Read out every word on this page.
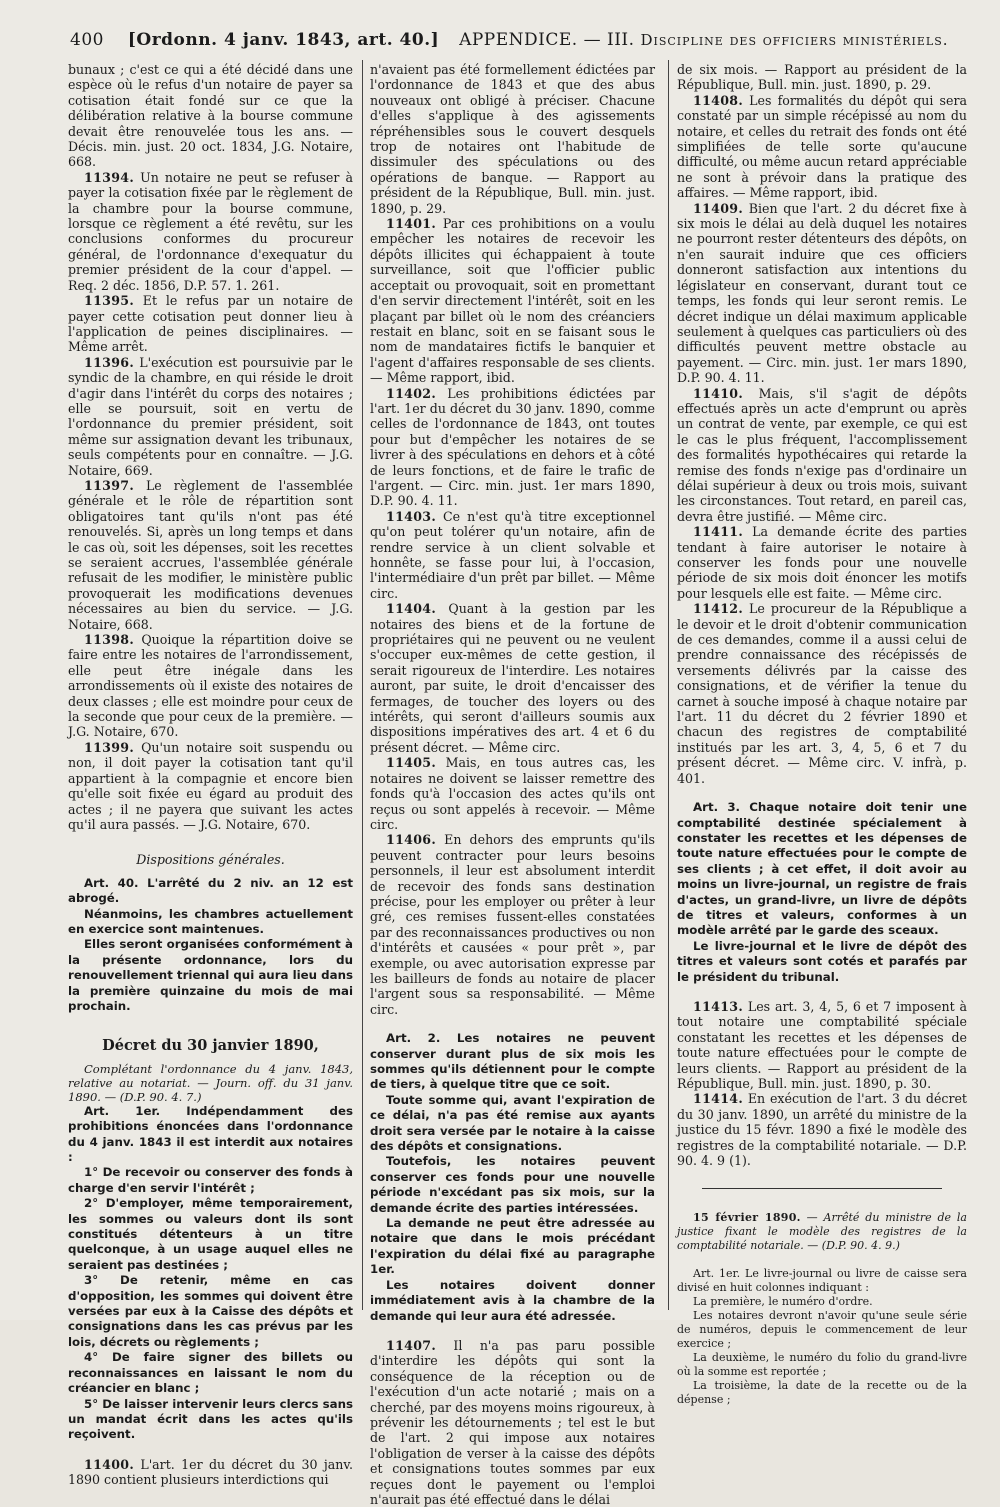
400 [Ordonn. 4 janv. 1843, art. 40.] APPENDICE. — III. Discipline des officiers ministériels.

bunaux ; c'est ce qui a été décidé dans une espèce où le refus d'un notaire de payer sa cotisation était fondé sur ce que la délibération relative à la bourse commune devait être renouvelée tous les ans. — Décis. min. just. 20 oct. 1834, J.G. Notaire, 668.

11394. Un notaire ne peut se refuser à payer la cotisation fixée par le règlement de la chambre pour la bourse commune, lorsque ce règlement a été revêtu, sur les conclusions conformes du procureur général, de l'ordonnance d'exequatur du premier président de la cour d'appel. — Req. 2 déc. 1856, D.P. 57. 1. 261.

11395. Et le refus par un notaire de payer cette cotisation peut donner lieu à l'application de peines disciplinaires. — Même arrêt.

11396. L'exécution est poursuivie par le syndic de la chambre, en qui réside le droit d'agir dans l'intérêt du corps des notaires ; elle se poursuit, soit en vertu de l'ordonnance du premier président, soit même sur assignation devant les tribunaux, seuls compétents pour en connaître. — J.G. Notaire, 669.

11397. Le règlement de l'assemblée générale et le rôle de répartition sont obligatoires tant qu'ils n'ont pas été renouvelés. Si, après un long temps et dans le cas où, soit les dépenses, soit les recettes se seraient accrues, l'assemblée générale refusait de les modifier, le ministère public provoquerait les modifications devenues nécessaires au bien du service. — J.G. Notaire, 668.

11398. Quoique la répartition doive se faire entre les notaires de l'arrondissement, elle peut être inégale dans les arrondissements où il existe des notaires de deux classes ; elle est moindre pour ceux de la seconde que pour ceux de la première. — J.G. Notaire, 670.

11399. Qu'un notaire soit suspendu ou non, il doit payer la cotisation tant qu'il appartient à la compagnie et encore bien qu'elle soit fixée eu égard au produit des actes ; il ne payera que suivant les actes qu'il aura passés. — J.G. Notaire, 670.

Dispositions générales.

Art. 40. L'arrêté du 2 niv. an 12 est abrogé.

Néanmoins, les chambres actuellement en exercice sont maintenues.

Elles seront organisées conformément à la présente ordonnance, lors du renouvellement triennal qui aura lieu dans la première quinzaine du mois de mai prochain.

Décret du 30 janvier 1890,

Complétant l'ordonnance du 4 janv. 1843, relative au notariat. — Journ. off. du 31 janv. 1890. — (D.P. 90. 4. 7.)

Art. 1er. Indépendamment des prohibitions énoncées dans l'ordonnance du 4 janv. 1843 il est interdit aux notaires :

1° De recevoir ou conserver des fonds à charge d'en servir l'intérêt ;

2° D'employer, même temporairement, les sommes ou valeurs dont ils sont constitués détenteurs à un titre quelconque, à un usage auquel elles ne seraient pas destinées ;

3° De retenir, même en cas d'opposition, les sommes qui doivent être versées par eux à la Caisse des dépôts et consignations dans les cas prévus par les lois, décrets ou règlements ;

4° De faire signer des billets ou reconnaissances en laissant le nom du créancier en blanc ;

5° De laisser intervenir leurs clercs sans un mandat écrit dans les actes qu'ils reçoivent.

11400. L'art. 1er du décret du 30 janv. 1890 contient plusieurs interdictions qui

n'avaient pas été formellement édictées par l'ordonnance de 1843 et que des abus nouveaux ont obligé à préciser. Chacune d'elles s'applique à des agissements répréhensibles sous le couvert desquels trop de notaires ont l'habitude de dissimuler des spéculations ou des opérations de banque. — Rapport au président de la République, Bull. min. just. 1890, p. 29.

11401. Par ces prohibitions on a voulu empêcher les notaires de recevoir les dépôts illicites qui échappaient à toute surveillance, soit que l'officier public acceptait ou provoquait, soit en promettant d'en servir directement l'intérêt, soit en les plaçant par billet où le nom des créanciers restait en blanc, soit en se faisant sous le nom de mandataires fictifs le banquier et l'agent d'affaires responsable de ses clients. — Même rapport, ibid.

11402. Les prohibitions édictées par l'art. 1er du décret du 30 janv. 1890, comme celles de l'ordonnance de 1843, ont toutes pour but d'empêcher les notaires de se livrer à des spéculations en dehors et à côté de leurs fonctions, et de faire le trafic de l'argent. — Circ. min. just. 1er mars 1890, D.P. 90. 4. 11.

11403. Ce n'est qu'à titre exceptionnel qu'on peut tolérer qu'un notaire, afin de rendre service à un client solvable et honnête, se fasse pour lui, à l'occasion, l'intermédiaire d'un prêt par billet. — Même circ.

11404. Quant à la gestion par les notaires des biens et de la fortune de propriétaires qui ne peuvent ou ne veulent s'occuper eux-mêmes de cette gestion, il serait rigoureux de l'interdire. Les notaires auront, par suite, le droit d'encaisser des fermages, de toucher des loyers ou des intérêts, qui seront d'ailleurs soumis aux dispositions impératives des art. 4 et 6 du présent décret. — Même circ.

11405. Mais, en tous autres cas, les notaires ne doivent se laisser remettre des fonds qu'à l'occasion des actes qu'ils ont reçus ou sont appelés à recevoir. — Même circ.

11406. En dehors des emprunts qu'ils peuvent contracter pour leurs besoins personnels, il leur est absolument interdit de recevoir des fonds sans destination précise, pour les employer ou prêter à leur gré, ces remises fussent-elles constatées par des reconnaissances productives ou non d'intérêts et causées « pour prêt », par exemple, ou avec autorisation expresse par les bailleurs de fonds au notaire de placer l'argent sous sa responsabilité. — Même circ.

Art. 2. Les notaires ne peuvent conserver durant plus de six mois les sommes qu'ils détiennent pour le compte de tiers, à quelque titre que ce soit.

Toute somme qui, avant l'expiration de ce délai, n'a pas été remise aux ayants droit sera versée par le notaire à la caisse des dépôts et consignations.

Toutefois, les notaires peuvent conserver ces fonds pour une nouvelle période n'excédant pas six mois, sur la demande écrite des parties intéressées.

La demande ne peut être adressée au notaire que dans le mois précédant l'expiration du délai fixé au paragraphe 1er.

Les notaires doivent donner immédiatement avis à la chambre de la demande qui leur aura été adressée.

11407. Il n'a pas paru possible d'interdire les dépôts qui sont la conséquence de la réception ou de l'exécution d'un acte notarié ; mais on a cherché, par des moyens moins rigoureux, à prévenir les détournements ; tel est le but de l'art. 2 qui impose aux notaires l'obligation de verser à la caisse des dépôts et consignations toutes sommes par eux reçues dont le payement ou l'emploi n'aurait pas été effectué dans le délai

de six mois. — Rapport au président de la République, Bull. min. just. 1890, p. 29.

11408. Les formalités du dépôt qui sera constaté par un simple récépissé au nom du notaire, et celles du retrait des fonds ont été simplifiées de telle sorte qu'aucune difficulté, ou même aucun retard appréciable ne sont à prévoir dans la pratique des affaires. — Même rapport, ibid.

11409. Bien que l'art. 2 du décret fixe à six mois le délai au delà duquel les notaires ne pourront rester détenteurs des dépôts, on n'en saurait induire que ces officiers donneront satisfaction aux intentions du législateur en conservant, durant tout ce temps, les fonds qui leur seront remis. Le décret indique un délai maximum applicable seulement à quelques cas particuliers où des difficultés peuvent mettre obstacle au payement. — Circ. min. just. 1er mars 1890, D.P. 90. 4. 11.

11410. Mais, s'il s'agit de dépôts effectués après un acte d'emprunt ou après un contrat de vente, par exemple, ce qui est le cas le plus fréquent, l'accomplissement des formalités hypothécaires qui retarde la remise des fonds n'exige pas d'ordinaire un délai supérieur à deux ou trois mois, suivant les circonstances. Tout retard, en pareil cas, devra être justifié. — Même circ.

11411. La demande écrite des parties tendant à faire autoriser le notaire à conserver les fonds pour une nouvelle période de six mois doit énoncer les motifs pour lesquels elle est faite. — Même circ.

11412. Le procureur de la République a le devoir et le droit d'obtenir communication de ces demandes, comme il a aussi celui de prendre connaissance des récépissés de versements délivrés par la caisse des consignations, et de vérifier la tenue du carnet à souche imposé à chaque notaire par l'art. 11 du décret du 2 février 1890 et chacun des registres de comptabilité institués par les art. 3, 4, 5, 6 et 7 du présent décret. — Même circ. V. infrà, p. 401.

Art. 3. Chaque notaire doit tenir une comptabilité destinée spécialement à constater les recettes et les dépenses de toute nature effectuées pour le compte de ses clients ; à cet effet, il doit avoir au moins un livre-journal, un registre de frais d'actes, un grand-livre, un livre de dépôts de titres et valeurs, conformes à un modèle arrêté par le garde des sceaux.

Le livre-journal et le livre de dépôt des titres et valeurs sont cotés et parafés par le président du tribunal.

11413. Les art. 3, 4, 5, 6 et 7 imposent à tout notaire une comptabilité spéciale constatant les recettes et les dépenses de toute nature effectuées pour le compte de leurs clients. — Rapport au président de la République, Bull. min. just. 1890, p. 30.

11414. En exécution de l'art. 3 du décret du 30 janv. 1890, un arrêté du ministre de la justice du 15 févr. 1890 a fixé le modèle des registres de la comptabilité notariale. — D.P. 90. 4. 9 (1).

15 février 1890. — Arrêté du ministre de la justice fixant le modèle des registres de la comptabilité notariale. — (D.P. 90. 4. 9.)

Art. 1er. Le livre-journal ou livre de caisse sera divisé en huit colonnes indiquant :

La première, le numéro d'ordre.

Les notaires devront n'avoir qu'une seule série de numéros, depuis le commencement de leur exercice ;

La deuxième, le numéro du folio du grand-livre où la somme est reportée ;

La troisième, la date de la recette ou de la dépense ;
